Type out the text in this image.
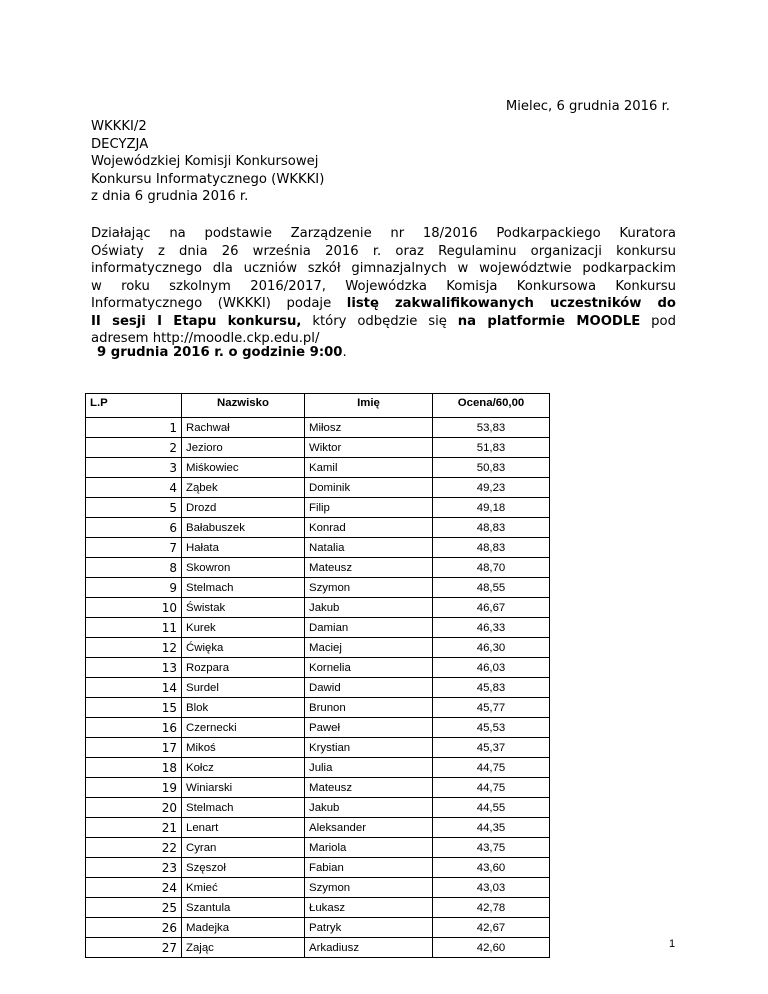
Mielec, 6 grudnia 2016 r.
WKKKI/2
DECYZJA
Wojewódzkiej Komisji Konkursowej
Konkursu Informatycznego (WKKKI)
z dnia 6 grudnia 2016 r.
Działając na podstawie Zarządzenie nr 18/2016 Podkarpackiego Kuratora
Oświaty z dnia 26 września 2016 r. oraz Regulaminu organizacji konkursu
informatycznego dla uczniów szkół gimnazjalnych w województwie podkarpackim
w roku szkolnym 2016/2017, Wojewódzka Komisja Konkursowa Konkursu
Informatycznego (WKKKI) podaje listę zakwalifikowanych uczestników do
II sesji I Etapu konkursu, który odbędzie się na platformie MOODLE pod
adresem http://moodle.ckp.edu.pl/
9 grudnia 2016 r. o godzinie 9:00.
L.P	Nazwisko	Imię	Ocena/60,00
1	Rachwał	Miłosz	53,83
2	Jezioro	Wiktor	51,83
3	Miśkowiec	Kamil	50,83
4	Ząbek	Dominik	49,23
5	Drozd	Filip	49,18
6	Bałabuszek	Konrad	48,83
7	Hałata	Natalia	48,83
8	Skowron	Mateusz	48,70
9	Stelmach	Szymon	48,55
10	Świstak	Jakub	46,67
11	Kurek	Damian	46,33
12	Ćwięka	Maciej	46,30
13	Rozpara	Kornelia	46,03
14	Surdel	Dawid	45,83
15	Blok	Brunon	45,77
16	Czernecki	Paweł	45,53
17	Mikoś	Krystian	45,37
18	Kołcz	Julia	44,75
19	Winiarski	Mateusz	44,75
20	Stelmach	Jakub	44,55
21	Lenart	Aleksander	44,35
22	Cyran	Mariola	43,75
23	Szęszoł	Fabian	43,60
24	Kmieć	Szymon	43,03
25	Szantula	Łukasz	42,78
26	Madejka	Patryk	42,67
27	Zając	Arkadiusz	42,60	1
